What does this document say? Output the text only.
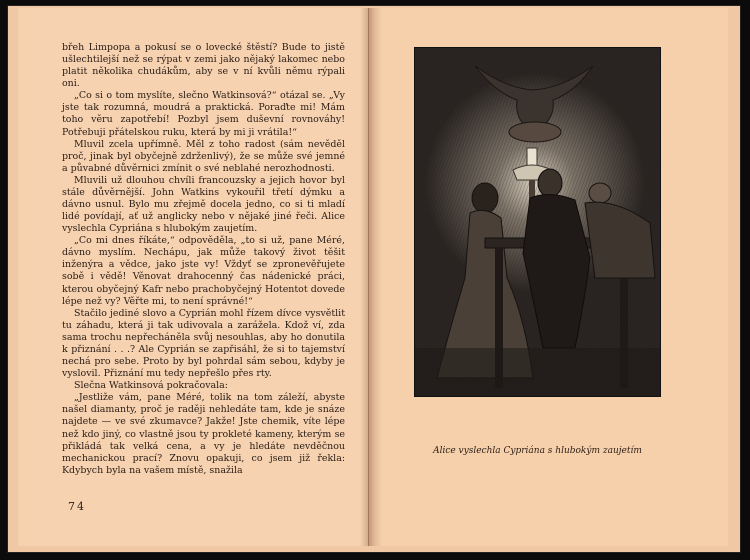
břeh Limpopa a pokusí se o lovecké štěstí? Bude to jistě ušlechtilejší než se rýpat v zemi jako nějaký lakomec nebo platit několika chudákům, aby se v ní kvůli němu rýpali oni.

„Co si o tom myslíte, slečno Watkinsová?“ otázal se. „Vy jste tak rozumná, moudrá a praktická. Poraďte mi! Mám toho věru zapotřebí! Pozbyl jsem duševní rovnováhy! Potřebuji přátelskou ruku, která by mi ji vrátila!“

Mluvil zcela upřímně. Měl z toho radost (sám nevěděl proč, jinak byl obyčejně zdrženlivý), že se může své jemné a půvabné důvěrnici zmínit o své neblahé nerozhodnosti.

Mluvili už dlouhou chvíli francouzsky a jejich hovor byl stále důvěrnější. John Watkins vykouřil třetí dýmku a dávno usnul. Bylo mu zřejmě docela jedno, co si ti mladí lidé povídají, ať už anglicky nebo v nějaké jiné řeči. Alice vyslechla Cypriána s hlubokým zaujetím.

„Co mi dnes říkáte,“ odpověděla, „to si už, pane Méré, dávno myslím. Nechápu, jak může takový život těšit inženýra a vědce, jako jste vy! Vždyť se zpronevěřujete sobě i vědě! Věnovat drahocenný čas nádenické práci, kterou obyčejný Kafr nebo prachobyčejný Hotentot dovede lépe než vy? Věřte mi, to není správné!“

Stačilo jediné slovo a Cyprián mohl řízem dívce vysvětlit tu záhadu, která ji tak udivovala a zarážela. Kdož ví, zda sama trochu nepřecháněla svůj nesouhlas, aby ho donutila k přiznání . . .? Ale Cyprián se zapřisáhl, že si to tajemství nechá pro sebe. Proto by byl pohrdal sám sebou, kdyby je vyslovil. Přiznání mu tedy nepřešlo přes rty.

Slečna Watkinsová pokračovala:

„Jestliže vám, pane Méré, tolik na tom záleží, abyste našel diamanty, proč je raději nehledáte tam, kde je snáze najdete — ve své zkumavce? Jakže! Jste chemik, víte lépe než kdo jiný, co vlastně jsou ty prokleté kameny, kterým se přikládá tak velká cena, a vy je hledáte nevděčnou mechanickou prací? Znovu opakuji, co jsem již řekla: Kdybych byla na vašem místě, snažila

74
Alice vyslechla Cypriána s hlubokým zaujetím
